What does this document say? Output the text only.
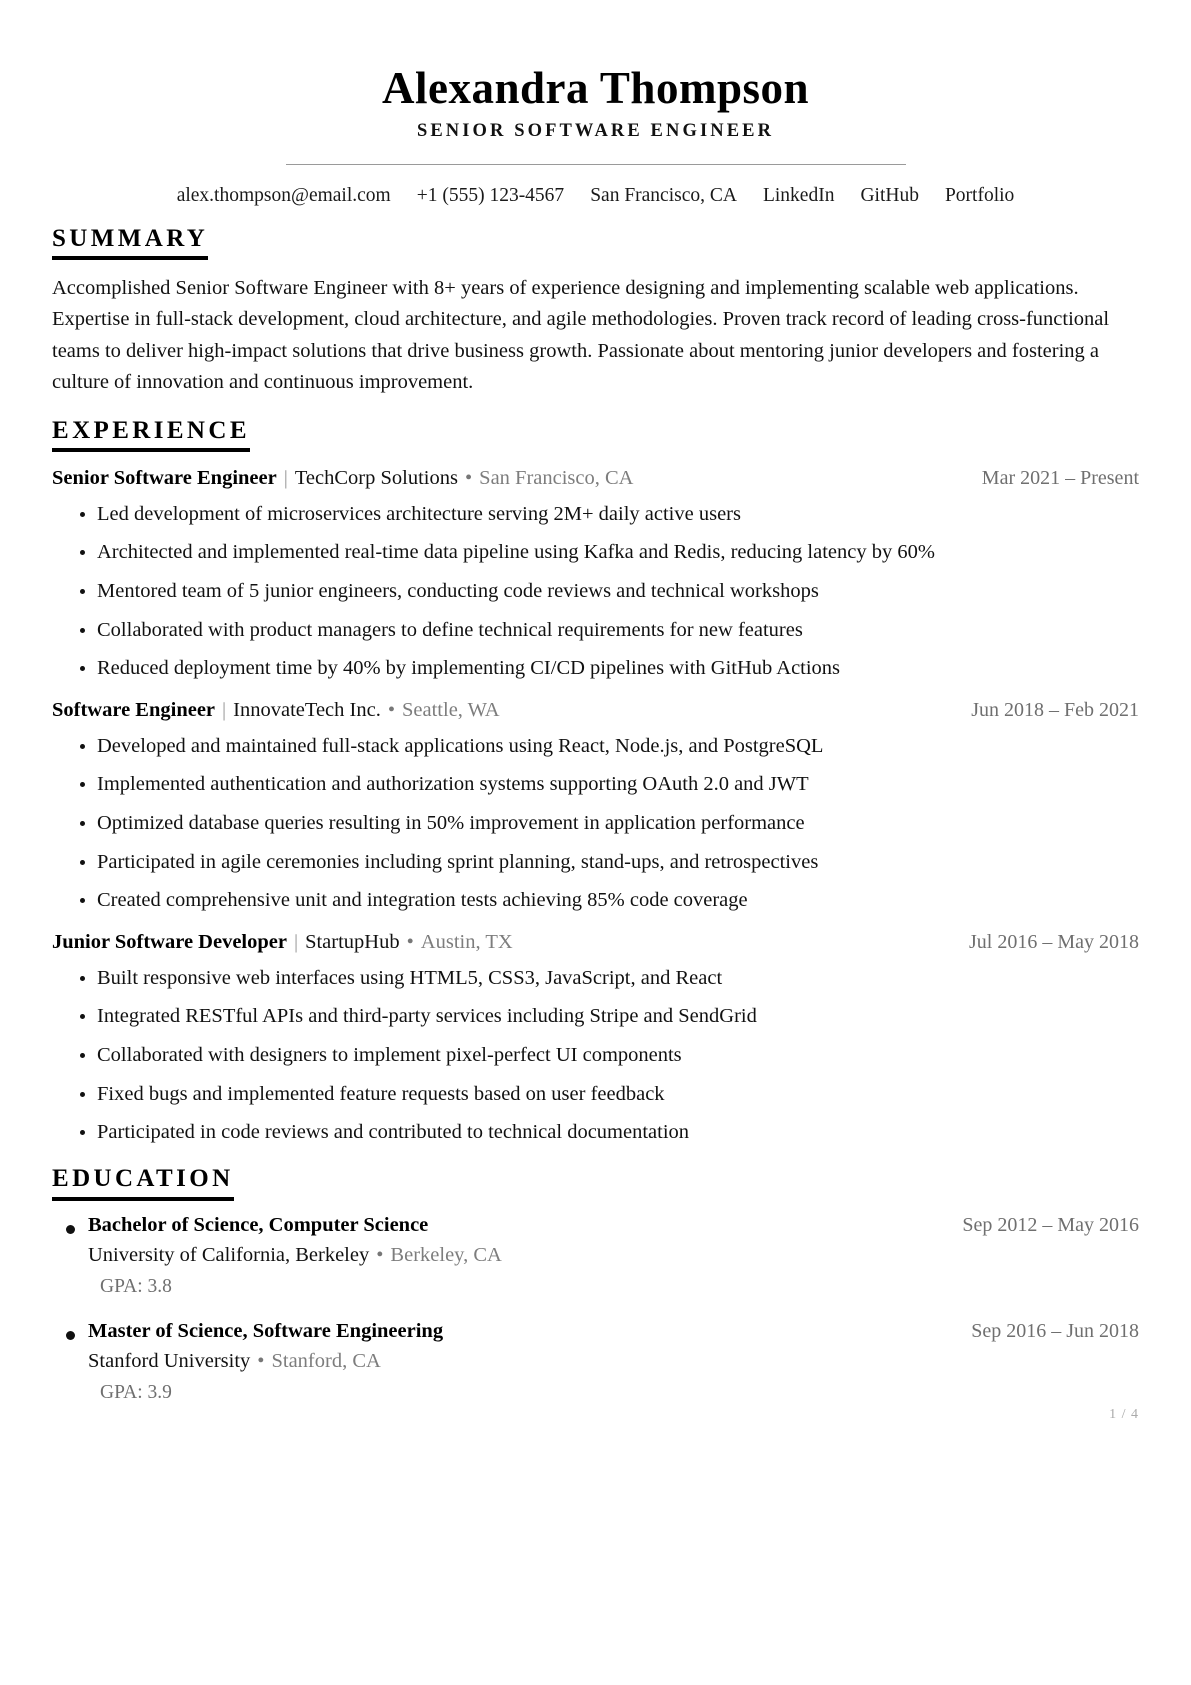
Alexandra Thompson
SENIOR SOFTWARE ENGINEER
alex.thompson@email.com +1 (555) 123-4567 San Francisco, CA LinkedIn GitHub Portfolio
SUMMARY
Accomplished Senior Software Engineer with 8+ years of experience designing and implementing scalable web applications. Expertise in full-stack development, cloud architecture, and agile methodologies. Proven track record of leading cross-functional teams to deliver high-impact solutions that drive business growth. Passionate about mentoring junior developers and fostering a culture of innovation and continuous improvement.
EXPERIENCE
Senior Software Engineer | TechCorp Solutions • San Francisco, CA	Mar 2021 – Present
Led development of microservices architecture serving 2M+ daily active users
Architected and implemented real-time data pipeline using Kafka and Redis, reducing latency by 60%
Mentored team of 5 junior engineers, conducting code reviews and technical workshops
Collaborated with product managers to define technical requirements for new features
Reduced deployment time by 40% by implementing CI/CD pipelines with GitHub Actions
Software Engineer | InnovateTech Inc. • Seattle, WA	Jun 2018 – Feb 2021
Developed and maintained full-stack applications using React, Node.js, and PostgreSQL
Implemented authentication and authorization systems supporting OAuth 2.0 and JWT
Optimized database queries resulting in 50% improvement in application performance
Participated in agile ceremonies including sprint planning, stand-ups, and retrospectives
Created comprehensive unit and integration tests achieving 85% code coverage
Junior Software Developer | StartupHub • Austin, TX	Jul 2016 – May 2018
Built responsive web interfaces using HTML5, CSS3, JavaScript, and React
Integrated RESTful APIs and third-party services including Stripe and SendGrid
Collaborated with designers to implement pixel-perfect UI components
Fixed bugs and implemented feature requests based on user feedback
Participated in code reviews and contributed to technical documentation
EDUCATION
Bachelor of Science, Computer Science	Sep 2012 – May 2016
University of California, Berkeley • Berkeley, CA
GPA: 3.8
Master of Science, Software Engineering	Sep 2016 – Jun 2018
Stanford University • Stanford, CA
GPA: 3.9
1 / 4
